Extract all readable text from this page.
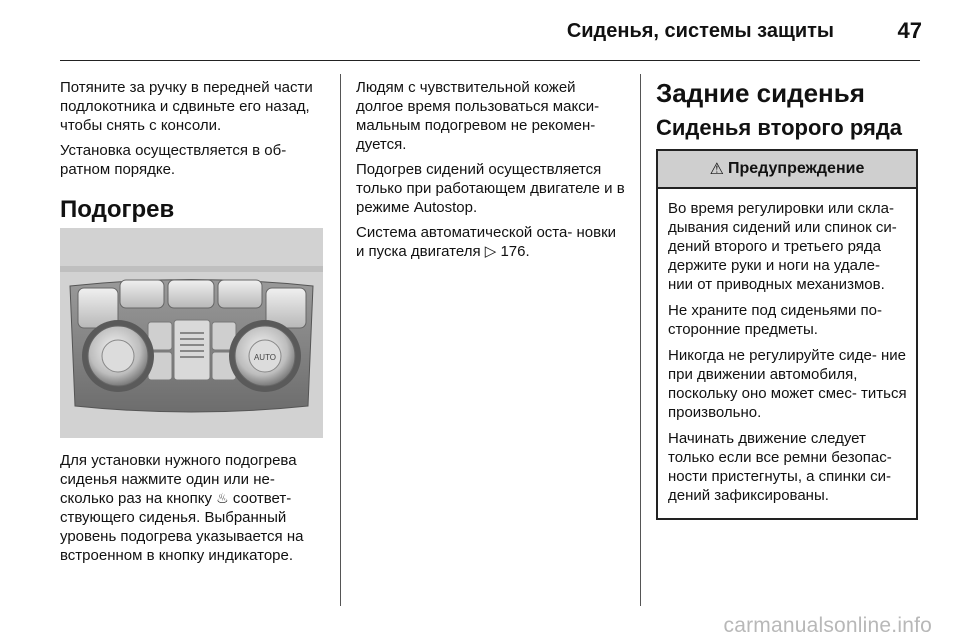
Сиденья, системы защиты	47

Потяните за ручку в передней части подлокотника и сдвиньте его назад, чтобы снять с консоли.

Установка осуществляется в об- ратном порядке.

Подогрев
AUTO

Для установки нужного подогрева сиденья нажмите один или не- сколько раз на кнопку ♨ соответ- ствующего сиденья. Выбранный уровень подогрева указывается на встроенном в кнопку индикаторе.

Людям с чувствительной кожей долгое время пользоваться макси- мальным подогревом не рекомен- дуется.

Подогрев сидений осуществляется только при работающем двигателе и в режиме Autostop.

Система автоматической оста- новки и пуска двигателя ▷ 176.

Задние сиденья
Сиденья второго ряда
⚠ Предупреждение

Во время регулировки или скла- дывания сидений или спинок си- дений второго и третьего ряда держите руки и ноги на удале- нии от приводных механизмов.

Не храните под сиденьями по- сторонние предметы.

Никогда не регулируйте сиде- ние при движении автомобиля, поскольку оно может смес- титься произвольно.

Начинать движение следует только если все ремни безопас- ности пристегнуты, а спинки си- дений зафиксированы.

carmanualsonline.info
